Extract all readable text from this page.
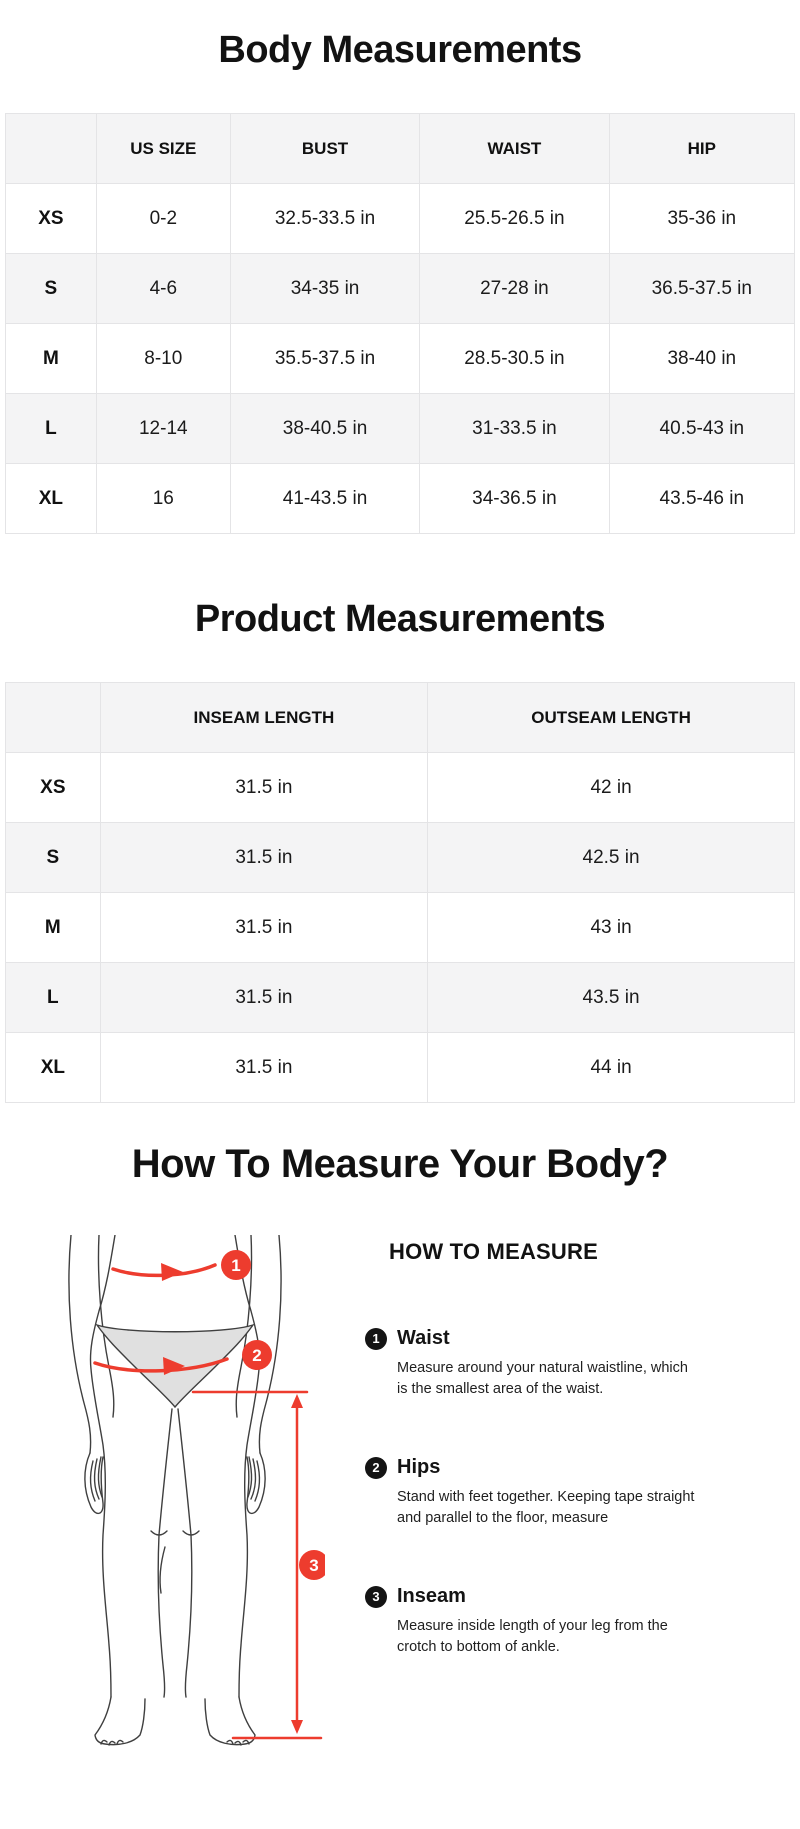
Body Measurements
	US SIZE	BUST	WAIST	HIP
XS	0-2	32.5-33.5 in	25.5-26.5 in	35-36 in
S	4-6	34-35 in	27-28 in	36.5-37.5 in
M	8-10	35.5-37.5 in	28.5-30.5 in	38-40 in
L	12-14	38-40.5 in	31-33.5 in	40.5-43 in
XL	16	41-43.5 in	34-36.5 in	43.5-46 in
Product Measurements
	INSEAM LENGTH	OUTSEAM LENGTH
XS	31.5 in	42 in
S	31.5 in	42.5 in
M	31.5 in	43 in
L	31.5 in	43.5 in
XL	31.5 in	44 in
How To Measure Your Body?
1
2
3
HOW TO MEASURE
1 Waist

Measure around your natural waistline, which is the smallest area of the waist.

2 Hips

Stand with feet together. Keeping tape straight and parallel to the floor, measure

3 Inseam

Measure inside length of your leg from the crotch to bottom of ankle.
